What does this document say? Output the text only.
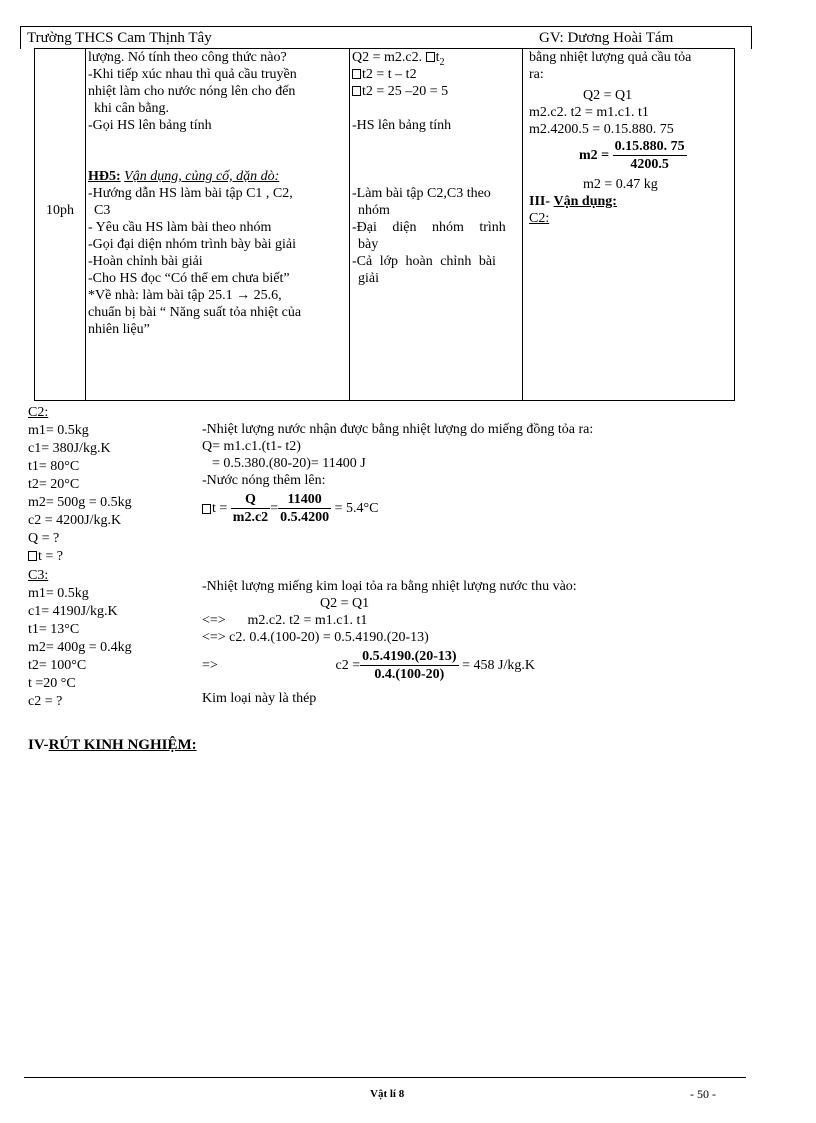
Trường THCS Cam Thịnh Tây	GV: Dương Hoài Tám
10ph

lượng. Nó tính theo công thức nào?
-Khi tiếp xúc nhau thì quả cầu truyền
nhiệt làm cho nước nóng lên cho đến
khi cân bằng.
-Gọi HS lên bảng tính
HĐ5: Vận dụng, củng cố, dặn dò:
-Hướng dẫn HS làm bài tập C1 , C2,
C3
- Yêu cầu HS làm bài theo nhóm
-Gọi đại diện nhóm trình bày bài giải
-Hoàn chỉnh bài giải
-Cho HS đọc “Có thể em chưa biết”
*Về nhà: làm bài tập 25.1 → 25.6,
chuẩn bị bài “ Năng suất tỏa nhiệt của
nhiên liệu”

Q2 = m2.c2. $t_2$
t2 = t – t2
t2 = 25 –20 = 5
-HS lên bảng tính
-Làm bài tập C2,C3 theo
nhóm
-Đại diện nhóm trình
bày
-Cả lớp hoàn chỉnh bài
giải

bằng nhiệt lượng quả cầu tỏa
ra:
Q2 = Q1
m2.c2. t2 = m1.c1. t1
m2.4200.5 = 0.15.880. 75
$m2 = \frac{0.15.880. 75}{4200.5}$
m2 = 0.47 kg
III- Vận dụng:
C2:
C2:
m1= 0.5kg
c1= 380J/kg.K
t1= 80°C
t2= 20°C
m2= 500g = 0.5kg
c2 = 4200J/kg.K
Q = ?
t = ?
-Nhiệt lượng nước nhận được bằng nhiệt lượng do miếng đồng tỏa ra:
Q= m1.c1.(t1- t2)
= 0.5.380.(80-20)= 11400 J
-Nước nóng thêm lên:
$t = \frac{Q}{m2.c2} = \frac{11400}{0.5.4200} = 5.4^\circ C$
C3:
m1= 0.5kg
c1= 4190J/kg.K
t1= 13°C
m2= 400g = 0.4kg
t2= 100°C
t =20 °C
c2 = ?
-Nhiệt lượng miếng kim loại tỏa ra bằng nhiệt lượng nước thu vào:
Q2 = Q1
<=> m2.c2. t2 = m1.c1. t1
<=> c2. 0.4.(100-20) = 0.5.4190.(20-13)
=>	$c2 = \frac{0.5.4190.(20-13)}{0.4.(100-20)} = 458$ J/kg.K
Kim loại này là thép
IV-RÚT KINH NGHIỆM:
Vật lí 8	- 50 -
